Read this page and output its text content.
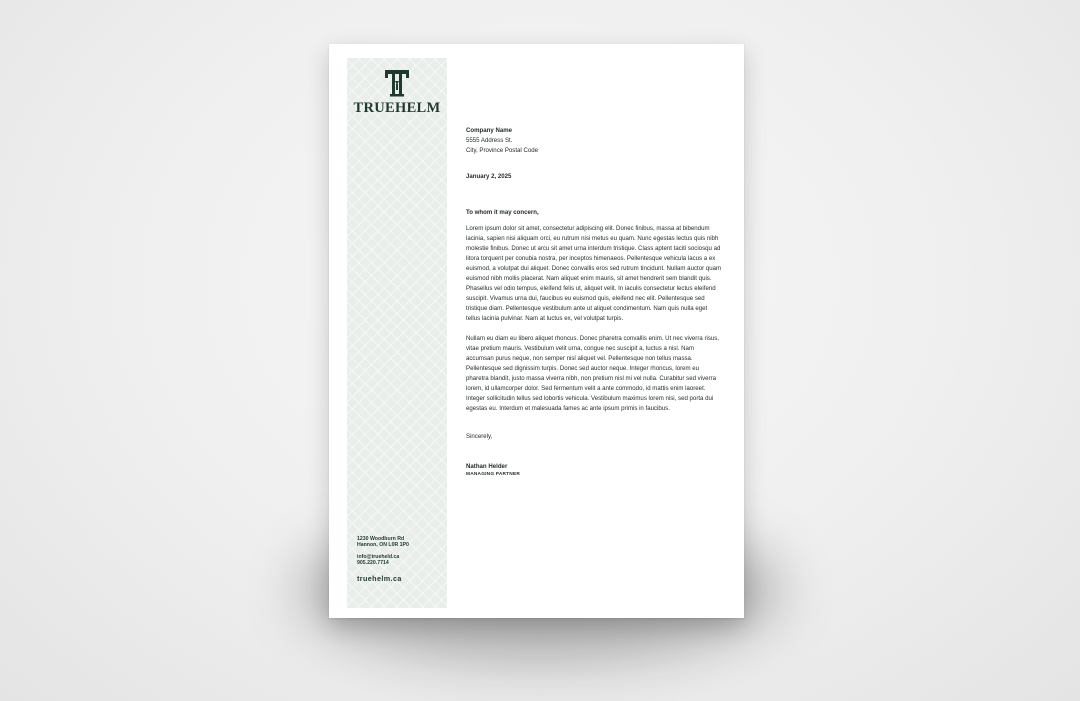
TRUEHELM
1230 Woodburn Rd
Hannon, ON L0R 1P0
info@trueheld.ca
905.220.7714
truehelm.ca
Company Name
5555 Address St.
City, Province Postal Code
January 2, 2025
To whom it may concern,
Lorem ipsum dolor sit amet, consectetur adipiscing elit. Donec finibus, massa at bibendum lacinia, sapien nisi aliquam orci, eu rutrum nisi metus eu quam. Nunc egestas lectus quis nibh molestie finibus. Donec ut arcu sit amet urna interdum tristique. Class aptent taciti sociosqu ad litora torquent per conubia nostra, per inceptos himenaeos. Pellentesque vehicula lacus a ex euismod, a volutpat dui aliquet. Donec convallis eros sed rutrum tincidunt. Nullam auctor quam euismod nibh mollis placerat. Nam aliquet enim mauris, sit amet hendrerit sem blandit quis. Phasellus vel odio tempus, eleifend felis ut, aliquet velit. In iaculis consectetur lectus eleifend suscipit. Vivamus urna dui, faucibus eu euismod quis, eleifend nec elit. Pellentesque sed tristique diam. Pellentesque vestibulum ante ut aliquet condimentum. Nam quis nulla eget tellus lacinia pulvinar. Nam at luctus ex, vel volutpat turpis.
Nullam eu diam eu libero aliquet rhoncus. Donec pharetra convallis enim. Ut nec viverra risus, vitae pretium mauris. Vestibulum velit urna, congue nec suscipit a, luctus a nisl. Nam accumsan purus neque, non semper nisl aliquet vel. Pellentesque non tellus massa. Pellentesque sed dignissim turpis. Donec sed auctor neque. Integer rhoncus, lorem eu pharetra blandit, justo massa viverra nibh, non pretium nisl mi vel nulla. Curabitur sed viverra lorem, id ullamcorper dolor. Sed fermentum velit a ante commodo, id mattis enim laoreet. Integer sollicitudin tellus sed lobortis vehicula. Vestibulum maximus lorem nisi, sed porta dui egestas eu. Interdum et malesuada fames ac ante ipsum primis in faucibus.
Sincerely,
Nathan Helder
MANAGING PARTNER
